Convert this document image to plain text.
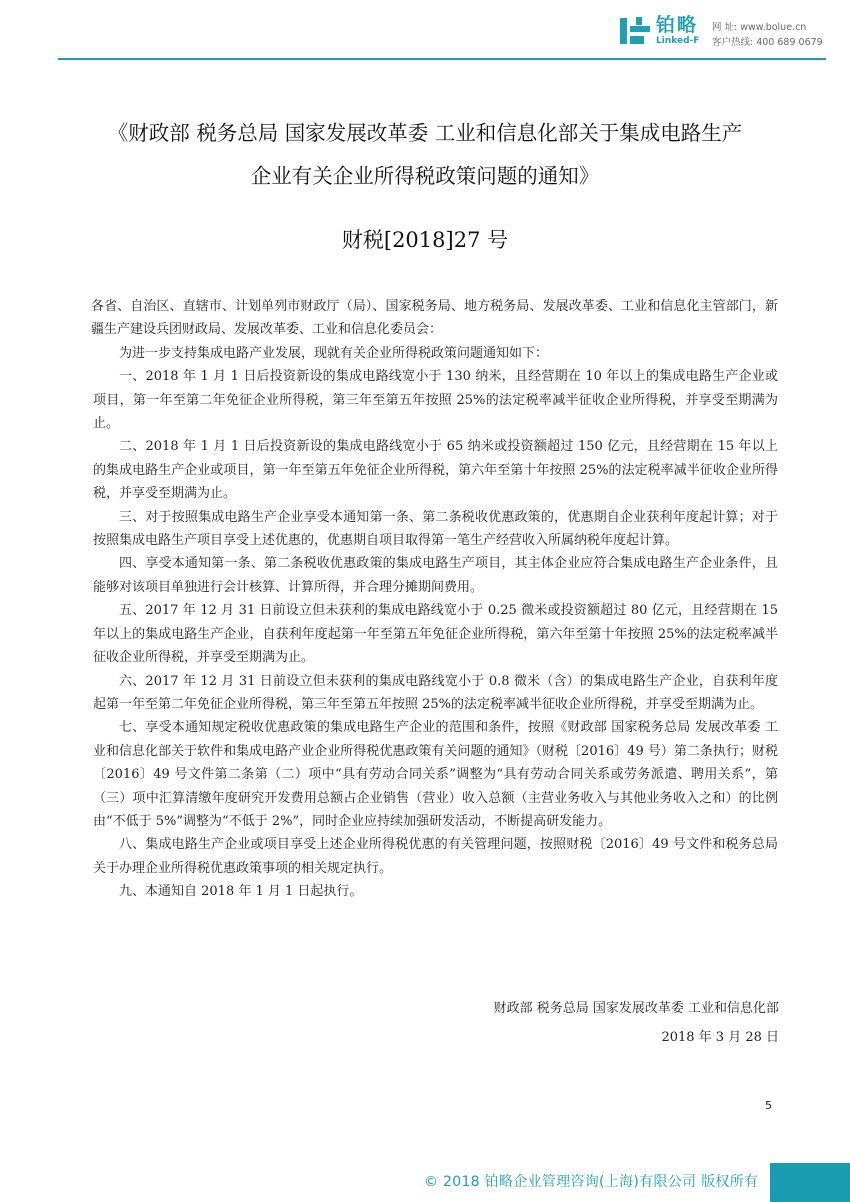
铂略
Linked-F
网 址: www.bolue.cn
客户热线: 400 689 0679
《财政部 税务总局 国家发展改革委 工业和信息化部关于集成电路生产
企业有关企业所得税政策问题的通知》
财税[2018]27 号

各省、自治区、直辖市、计划单列市财政厅（局）、国家税务局、地方税务局、发展改革委、工业和信息化主管部门，新疆生产建设兵团财政局、发展改革委、工业和信息化委员会：

为进一步支持集成电路产业发展，现就有关企业所得税政策问题通知如下：

一、2018 年 1 月 1 日后投资新设的集成电路线宽小于 130 纳米，且经营期在 10 年以上的集成电路生产企业或项目，第一年至第二年免征企业所得税，第三年至第五年按照 25%的法定税率减半征收企业所得税，并享受至期满为止。

二、2018 年 1 月 1 日后投资新设的集成电路线宽小于 65 纳米或投资额超过 150 亿元，且经营期在 15 年以上的集成电路生产企业或项目，第一年至第五年免征企业所得税，第六年至第十年按照 25%的法定税率减半征收企业所得税，并享受至期满为止。

三、对于按照集成电路生产企业享受本通知第一条、第二条税收优惠政策的，优惠期自企业获利年度起计算；对于按照集成电路生产项目享受上述优惠的，优惠期自项目取得第一笔生产经营收入所属纳税年度起计算。

四、享受本通知第一条、第二条税收优惠政策的集成电路生产项目，其主体企业应符合集成电路生产企业条件，且能够对该项目单独进行会计核算、计算所得，并合理分摊期间费用。

五、2017 年 12 月 31 日前设立但未获利的集成电路线宽小于 0.25 微米或投资额超过 80 亿元，且经营期在 15 年以上的集成电路生产企业，自获利年度起第一年至第五年免征企业所得税，第六年至第十年按照 25%的法定税率减半征收企业所得税，并享受至期满为止。

六、2017 年 12 月 31 日前设立但未获利的集成电路线宽小于 0.8 微米（含）的集成电路生产企业，自获利年度起第一年至第二年免征企业所得税，第三年至第五年按照 25%的法定税率减半征收企业所得税，并享受至期满为止。

七、享受本通知规定税收优惠政策的集成电路生产企业的范围和条件，按照《财政部 国家税务总局 发展改革委 工业和信息化部关于软件和集成电路产业企业所得税优惠政策有关问题的通知》（财税〔2016〕49 号）第二条执行；财税〔2016〕49 号文件第二条第（二）项中“具有劳动合同关系”调整为“具有劳动合同关系或劳务派遣、聘用关系”，第（三）项中汇算清缴年度研究开发费用总额占企业销售（营业）收入总额（主营业务收入与其他业务收入之和）的比例由“不低于 5%”调整为“不低于 2%”，同时企业应持续加强研发活动，不断提高研发能力。

八、集成电路生产企业或项目享受上述企业所得税优惠的有关管理问题，按照财税〔2016〕49 号文件和税务总局关于办理企业所得税优惠政策事项的相关规定执行。

九、本通知自 2018 年 1 月 1 日起执行。

财政部 税务总局 国家发展改革委 工业和信息化部
2018 年 3 月 28 日
5
© 2018 铂略企业管理咨询(上海)有限公司 版权所有
